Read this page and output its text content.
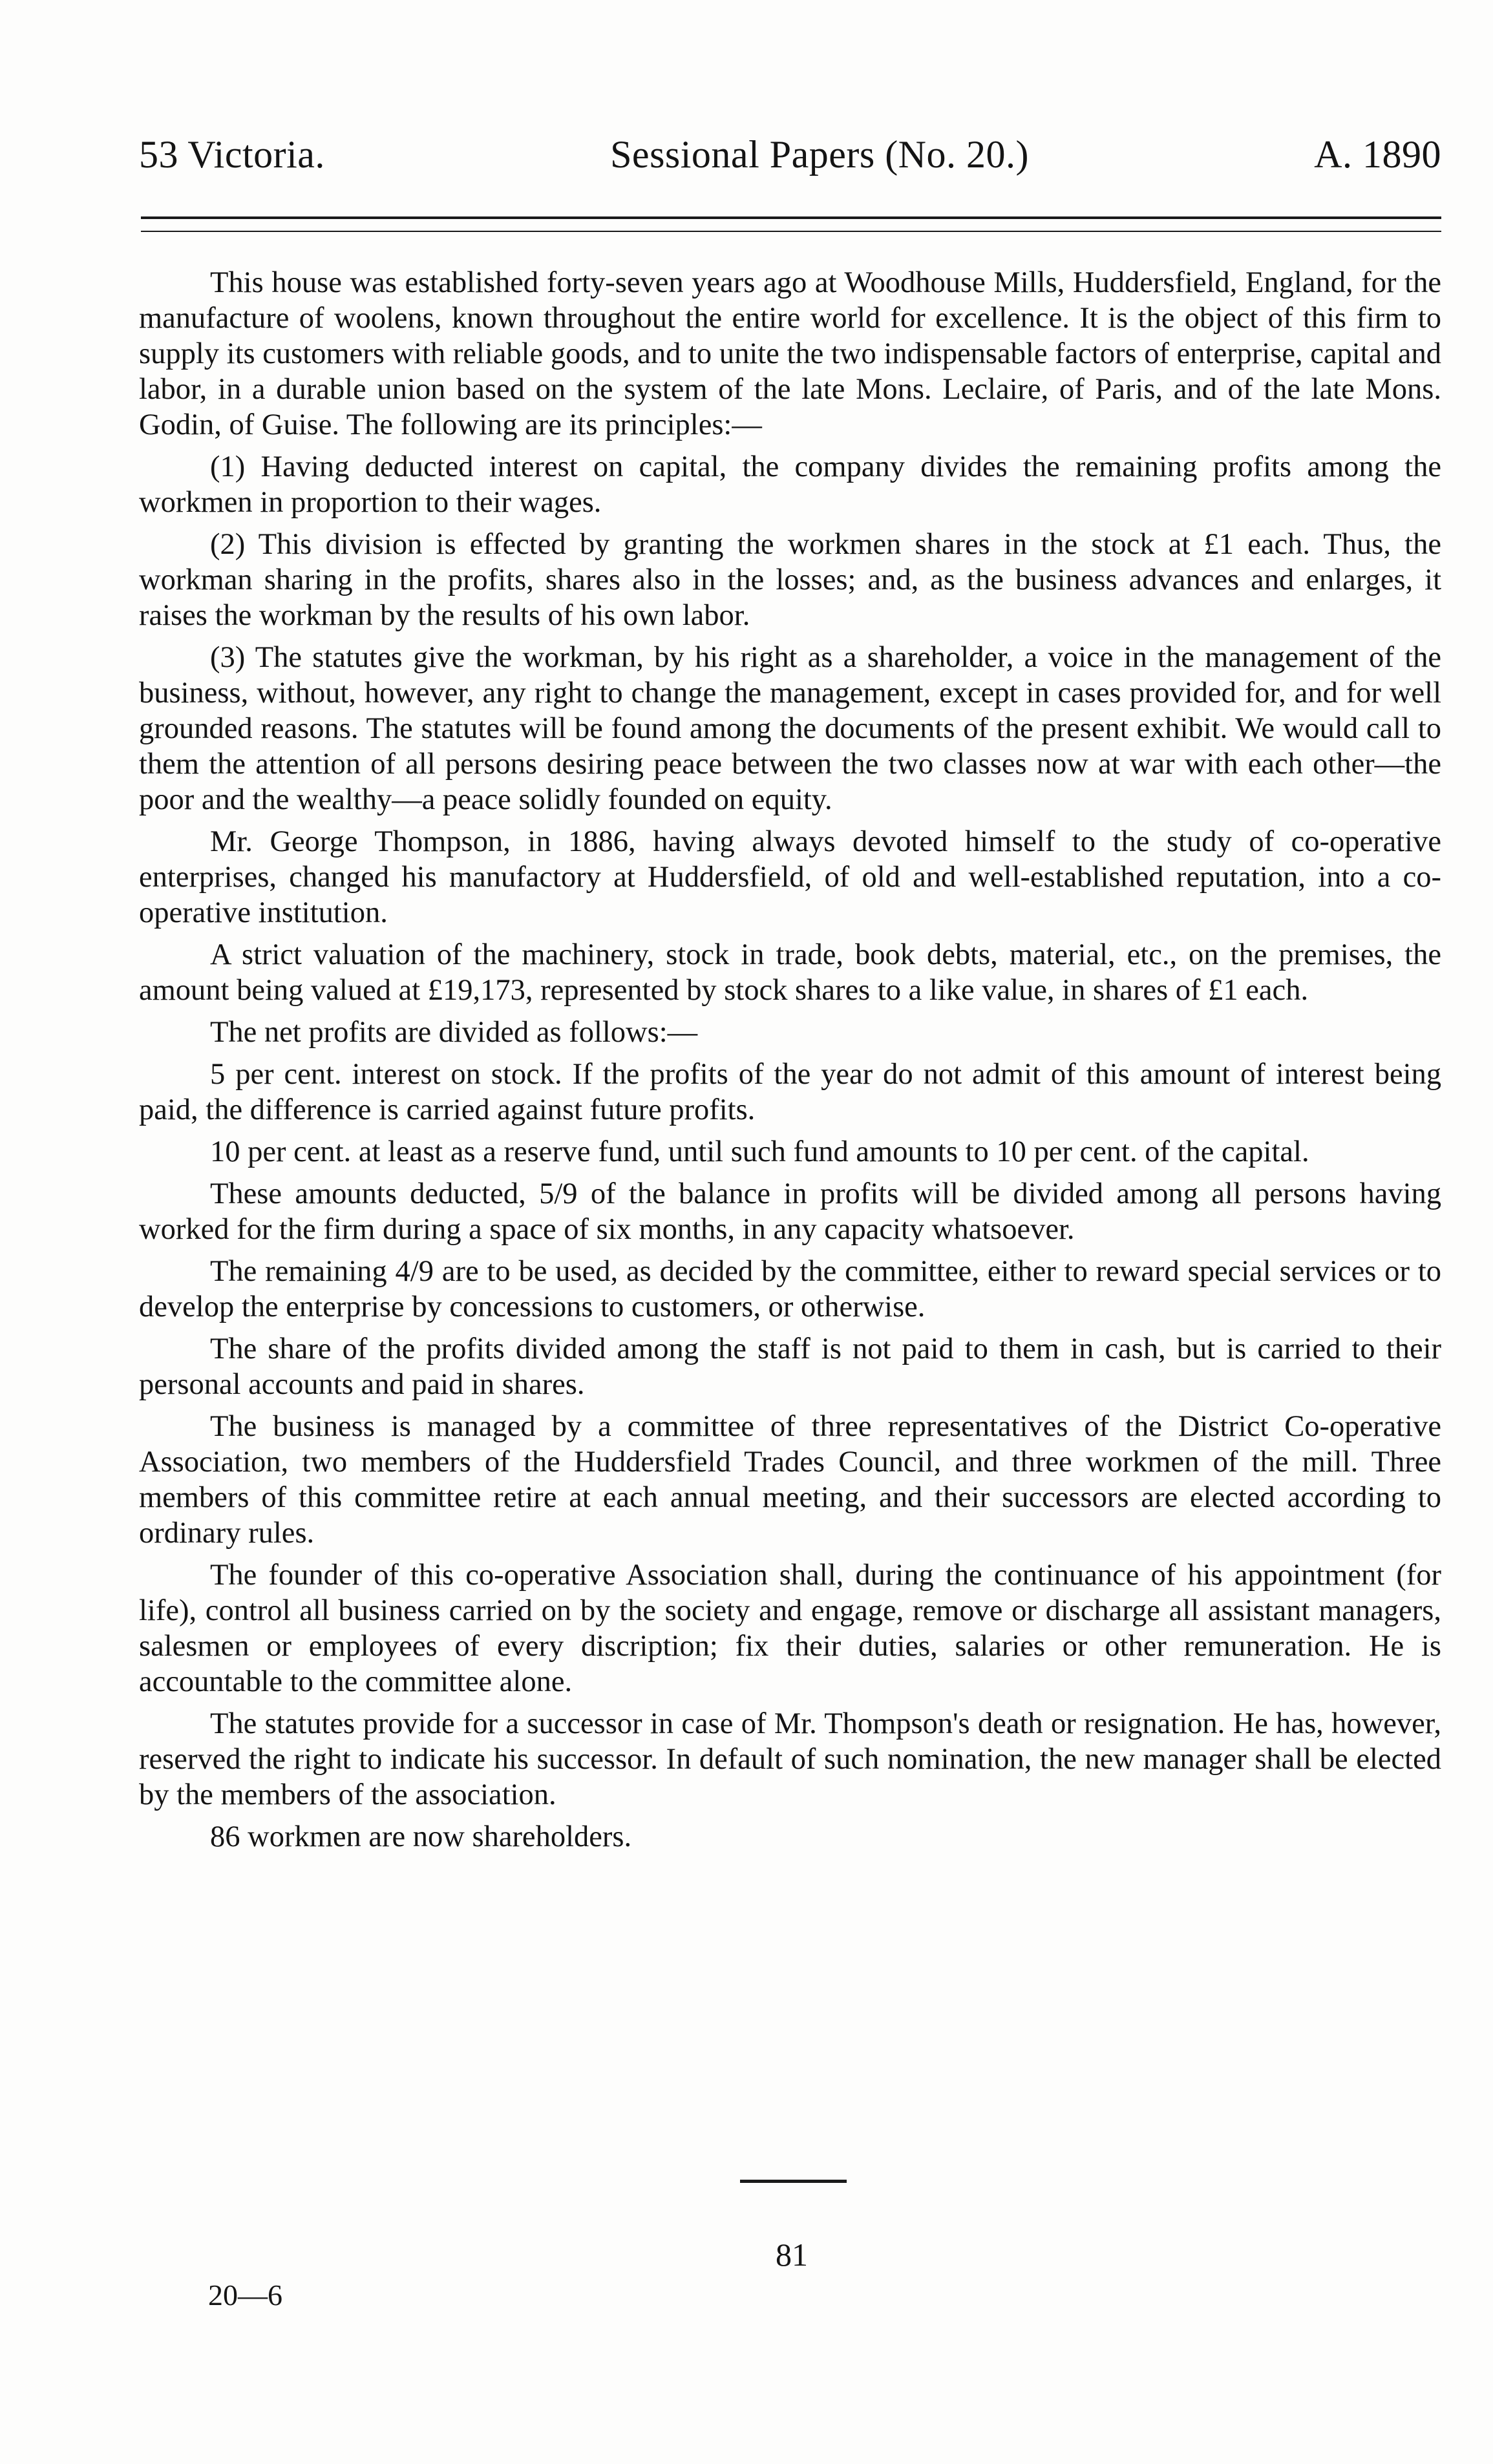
53 Victoria.	Sessional Papers (No. 20.)	A. 1890

This house was established forty-seven years ago at Woodhouse Mills, Huddersfield, England, for the manufacture of woolens, known throughout the entire world for excellence. It is the object of this firm to supply its customers with reliable goods, and to unite the two indispensable factors of enterprise, capital and labor, in a durable union based on the system of the late Mons. Leclaire, of Paris, and of the late Mons. Godin, of Guise. The following are its principles:—

(1) Having deducted interest on capital, the company divides the remaining profits among the workmen in proportion to their wages.

(2) This division is effected by granting the workmen shares in the stock at £1 each. Thus, the workman sharing in the profits, shares also in the losses; and, as the business advances and enlarges, it raises the workman by the results of his own labor.

(3) The statutes give the workman, by his right as a shareholder, a voice in the management of the business, without, however, any right to change the management, except in cases provided for, and for well grounded reasons. The statutes will be found among the documents of the present exhibit. We would call to them the attention of all persons desiring peace between the two classes now at war with each other—the poor and the wealthy—a peace solidly founded on equity.

Mr. George Thompson, in 1886, having always devoted himself to the study of co-operative enterprises, changed his manufactory at Huddersfield, of old and well-established reputation, into a co-operative institution.

A strict valuation of the machinery, stock in trade, book debts, material, etc., on the premises, the amount being valued at £19,173, represented by stock shares to a like value, in shares of £1 each.

The net profits are divided as follows:—

5 per cent. interest on stock. If the profits of the year do not admit of this amount of interest being paid, the difference is carried against future profits.

10 per cent. at least as a reserve fund, until such fund amounts to 10 per cent. of the capital.

These amounts deducted, 5/9 of the balance in profits will be divided among all persons having worked for the firm during a space of six months, in any capacity whatsoever.

The remaining 4/9 are to be used, as decided by the committee, either to reward special services or to develop the enterprise by concessions to customers, or otherwise.

The share of the profits divided among the staff is not paid to them in cash, but is carried to their personal accounts and paid in shares.

The business is managed by a committee of three representatives of the District Co-operative Association, two members of the Huddersfield Trades Council, and three workmen of the mill. Three members of this committee retire at each annual meeting, and their successors are elected according to ordinary rules.

The founder of this co-operative Association shall, during the continuance of his appointment (for life), control all business carried on by the society and engage, remove or discharge all assistant managers, salesmen or employees of every discription; fix their duties, salaries or other remuneration. He is accountable to the committee alone.

The statutes provide for a successor in case of Mr. Thompson's death or resignation. He has, however, reserved the right to indicate his successor. In default of such nomination, the new manager shall be elected by the members of the association.

86 workmen are now shareholders.

81
20—6
